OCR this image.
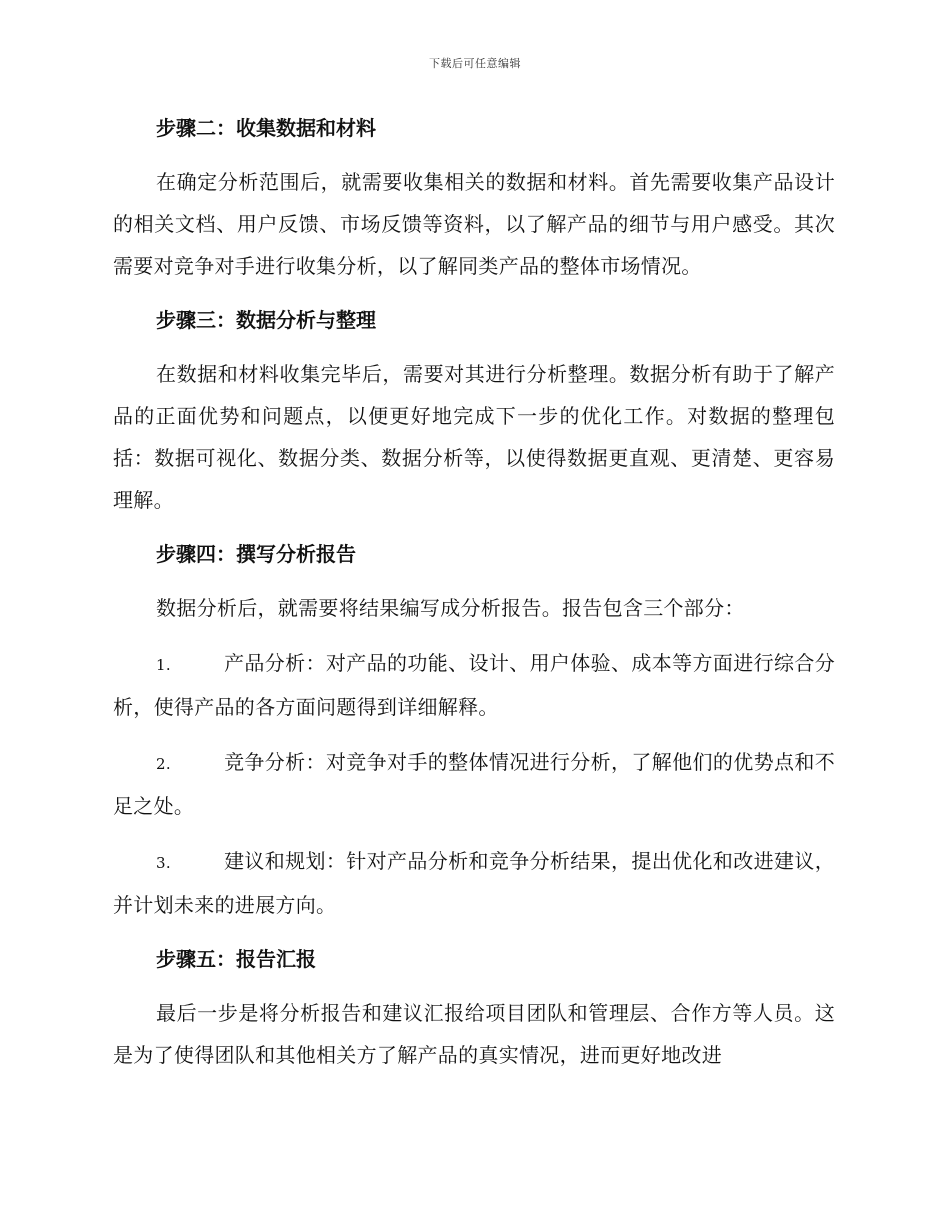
下载后可任意编辑
步骤二：收集数据和材料
在确定分析范围后，就需要收集相关的数据和材料。首先需要收集产品设计的相关文档、用户反馈、市场反馈等资料，以了解产品的细节与用户感受。其次需要对竞争对手进行收集分析，以了解同类产品的整体市场情况。
步骤三：数据分析与整理
在数据和材料收集完毕后，需要对其进行分析整理。数据分析有助于了解产品的正面优势和问题点，以便更好地完成下一步的优化工作。对数据的整理包括：数据可视化、数据分类、数据分析等，以使得数据更直观、更清楚、更容易理解。
步骤四：撰写分析报告
数据分析后，就需要将结果编写成分析报告。报告包含三个部分：
1.	产品分析：对产品的功能、设计、用户体验、成本等方面进行综合分析，使得产品的各方面问题得到详细解释。
2.	竞争分析：对竞争对手的整体情况进行分析，了解他们的优势点和不足之处。
3.	建议和规划：针对产品分析和竞争分析结果，提出优化和改进建议，并计划未来的进展方向。
步骤五：报告汇报
最后一步是将分析报告和建议汇报给项目团队和管理层、合作方等人员。这是为了使得团队和其他相关方了解产品的真实情况，进而更好地改进
